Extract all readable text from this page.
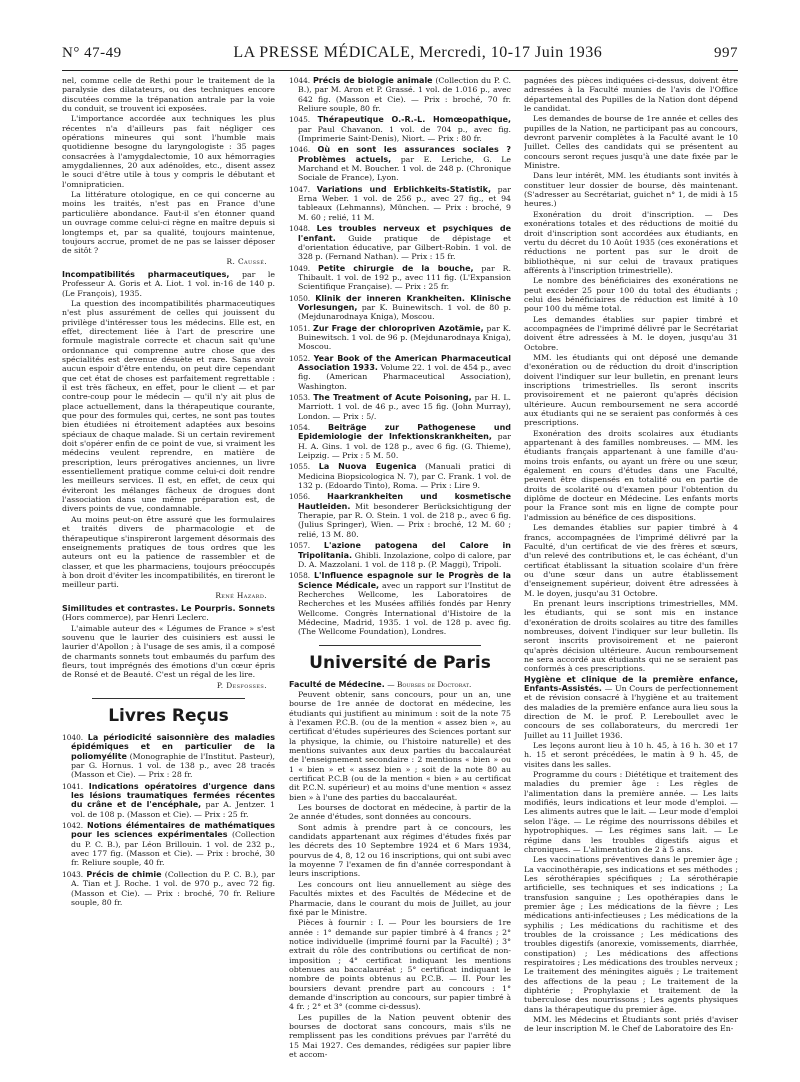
N° 47-49	LA PRESSE MÉDICALE, Mercredi, 10-17 Juin 1936	997

nel, comme celle de Rethi pour le traitement de la paralysie des dilatateurs, ou des techniques encore discutées comme la trépanation antrale par la voie du conduit, se trouvent ici exposées.

L'importance accordée aux techniques les plus récentes n'a d'ailleurs pas fait négliger ces opérations mineures qui sont l'humble mais quotidienne besogne du laryngologiste : 35 pages consacrées à l'amygdalectomie, 10 aux hémorragies amygdaliennes, 20 aux adénoïdes, etc., disent assez le souci d'être utile à tous y compris le débutant et l'omnipraticien.

La littérature otologique, en ce qui concerne au moins les traités, n'est pas en France d'une particulière abondance. Faut-il s'en étonner quand un ouvrage comme celui-ci règne en maître depuis si longtemps et, par sa qualité, toujours maintenue, toujours accrue, promet de ne pas se laisser déposer de sitôt ?

R. Caussé.

Incompatibilités pharmaceutiques, par le Professeur A. Goris et A. Liot. 1 vol. in-16 de 140 p. (Le François), 1935.

La question des incompatibilités pharmaceutiques n'est plus assurément de celles qui jouissent du privilège d'intéresser tous les médecins. Elle est, en effet, directement liée à l'art de prescrire une formule magistrale correcte et chacun sait qu'une ordonnance qui comprenne autre chose que des spécialités est devenue désuète et rare. Sans avoir aucun espoir d'être entendu, on peut dire cependant que cet état de choses est parfaitement regrettable : il est très fâcheux, en effet, pour le client — et par contre-coup pour le médecin — qu'il n'y ait plus de place actuellement, dans la thérapeutique courante, que pour des formules qui, certes, ne sont pas toutes bien étudiées ni étroitement adaptées aux besoins spéciaux de chaque malade. Si un certain revirement doit s'opérer enfin de ce point de vue, si vraiment les médecins veulent reprendre, en matière de prescription, leurs prérogatives anciennes, un livre essentiellement pratique comme celui-ci doit rendre les meilleurs services. Il est, en effet, de ceux qui éviteront les mélanges fâcheux de drogues dont l'association dans une même préparation est, de divers points de vue, condamnable.

Au moins peut-on être assuré que les formulaires et traités divers de pharmacologie et de thérapeutique s'inspireront largement désormais des enseignements pratiques de tous ordres que les auteurs ont eu la patience de rassembler et de classer, et que les pharmaciens, toujours préoccupés à bon droit d'éviter les incompatibilités, en tireront le meilleur parti.

René Hazard.

Similitudes et contrastes. Le Pourpris. Sonnets (Hors commerce), par Henri Leclerc.

L'aimable auteur des « Légumes de France » s'est souvenu que le laurier des cuisiniers est aussi le laurier d'Apollon ; à l'usage de ses amis, il a composé de charmants sonnets tout embaumés du parfum des fleurs, tout imprégnés des émotions d'un cœur épris de Ronsé et de Beauté. C'est un régal de les lire.

P. Desfosses.
Livres Reçus
1040. La périodicité saisonnière des maladies épidémiques et en particulier de la poliomyélite (Monographie de l'Institut. Pasteur), par G. Hornus. 1 vol. de 138 p., avec 28 tracés (Masson et Cie). — Prix : 28 fr.
1041. Indications opératoires d'urgence dans les lésions traumatiques fermées récentes du crâne et de l'encéphale, par A. Jentzer. 1 vol. de 108 p. (Masson et Cie). — Prix : 25 fr.
1042. Notions élémentaires de mathématiques pour les sciences expérimentales (Collection du P. C. B.), par Léon Brillouin. 1 vol. de 232 p., avec 177 fig. (Masson et Cie). — Prix : broché, 30 fr. Reliure souple, 40 fr.
1043. Précis de chimie (Collection du P. C. B.), par A. Tian et J. Roche. 1 vol. de 970 p., avec 72 fig. (Masson et Cie). — Prix : broché, 70 fr. Reliure souple, 80 fr.
1044. Précis de biologie animale (Collection du P. C. B.), par M. Aron et P. Grassé. 1 vol. de 1.016 p., avec 642 fig. (Masson et Cie). — Prix : broché, 70 fr. Reliure souple, 80 fr.
1045. Thérapeutique O.-R.-L. Homœopathique, par Paul Chavanon. 1 vol. de 704 p., avec fig. (Imprimerie Saint-Denis), Niort. — Prix : 80 fr.
1046. Où en sont les assurances sociales ? Problèmes actuels, par E. Leriche, G. Le Marchand et M. Boucher. 1 vol. de 248 p. (Chronique Sociale de France), Lyon.
1047. Variations und Erblichkeits-Statistik, par Erna Weber. 1 vol. de 256 p., avec 27 fig., et 94 tableaux (Lehmanns), München. — Prix : broché, 9 M. 60 ; relié, 11 M.
1048. Les troubles nerveux et psychiques de l'enfant. Guide pratique de dépistage et d'orientation éducative, par Gilbert-Robin. 1 vol. de 328 p. (Fernand Nathan). — Prix : 15 fr.
1049. Petite chirurgie de la bouche, par R. Thibault. 1 vol. de 192 p., avec 111 fig. (L'Expansion Scientifique Française). — Prix : 25 fr.
1050. Klinik der inneren Krankheiten. Klinische Vorlesungen, par K. Buinewitsch. 1 vol. de 80 p. (Mejdunarodnaya Kniga), Moscou.
1051. Zur Frage der chloropriven Azotämie, par K. Buinewitsch. 1 vol. de 96 p. (Mejdunarodnaya Kniga), Moscou.
1052. Year Book of the American Pharmaceutical Association 1933. Volume 22. 1 vol. de 454 p., avec fig. (American Pharmaceutical Association), Washington.
1053. The Treatment of Acute Poisoning, par H. L. Marriott. 1 vol. de 46 p., avec 15 fig. (John Murray), London. — Prix : 5/.
1054. Beiträge zur Pathogenese und Epidemiologie der Infektionskrankheiten, par H. A. Gins. 1 vol. de 128 p., avec 6 fig. (G. Thieme), Leipzig. — Prix : 5 M. 50.
1055. La Nuova Eugenica (Manuali pratici di Medicina Biopsicologica N. 7), par C. Frank. 1 vol. de 132 p. (Edoardo Tinto), Roma. — Prix : Lire 9.
1056. Haarkrankheiten und kosmetische Hautleiden. Mit besonderer Berücksichtigung der Therapie, par R. O. Stein. 1 vol. de 218 p., avec 6 fig. (Julius Springer), Wien. — Prix : broché, 12 M. 60 ; relié, 13 M. 80.
1057. L'azione patogena del Calore in Tripolitania. Ghibli. Inzolazione, colpo di calore, par D. A. Mazzolani. 1 vol. de 118 p. (P. Maggi), Tripoli.
1058. L'Influence espagnole sur le Progrès de la Science Médicale, avec un rapport sur l'Institut de Recherches Wellcome, les Laboratoires de Recherches et les Musées affiliés fondés par Henry Wellcome. Congrès International d'Histoire de la Médecine, Madrid, 1935. 1 vol. de 128 p. avec fig. (The Wellcome Foundation), Londres.
Université de Paris

Faculté de Médecine. — Bourses de Doctorat.

Peuvent obtenir, sans concours, pour un an, une bourse de 1re année de doctorat en médecine, les étudiants qui justifient au minimum : soit de la note 75 à l'examen P.C.B. (ou de la mention « assez bien », au certificat d'études supérieures des Sciences portant sur la physique, la chimie, ou l'histoire naturelle) et des mentions suivantes aux deux parties du baccalauréat de l'enseignement secondaire : 2 mentions « bien » ou 1 « bien » et « assez bien » ; soit de la note 80 au certificat P.C.B (ou de la mention « bien » au certificat dit P.C.N. supérieur) et au moins d'une mention « assez bien » à l'une des parties du baccalauréat.

Les bourses de doctorat en médecine, à partir de la 2e année d'études, sont données au concours.

Sont admis à prendre part à ce concours, les candidats appartenant aux régimes d'études fixés par les décrets des 10 Septembre 1924 et 6 Mars 1934, pourvus de 4, 8, 12 ou 16 inscriptions, qui ont subi avec la moyenne 7 l'examen de fin d'année correspondant à leurs inscriptions.

Les concours ont lieu annuellement au siège des Facultés mixtes et des Facultés de Médecine et de Pharmacie, dans le courant du mois de Juillet, au jour fixé par le Ministre.

Pièces à fournir : I. — Pour les boursiers de 1re année : 1° demande sur papier timbré à 4 francs ; 2° notice individuelle (imprimé fourni par la Faculté) ; 3° extrait du rôle des contributions ou certificat de non-imposition ; 4° certificat indiquant les mentions obtenues au baccalauréat ; 5° certificat indiquant le nombre de points obtenus au P.C.B. — II. Pour les boursiers devant prendre part au concours : 1° demande d'inscription au concours, sur papier timbré à 4 fr. ; 2° et 3° (comme ci-dessus).

Les pupilles de la Nation peuvent obtenir des bourses de doctorat sans concours, mais s'ils ne remplissent pas les conditions prévues par l'arrêté du 15 Mai 1927. Ces demandes, rédigées sur papier libre et accom-

pagnées des pièces indiquées ci-dessus, doivent être adressées à la Faculté munies de l'avis de l'Office départemental des Pupilles de la Nation dont dépend le candidat.

Les demandes de bourse de 1re année et celles des pupilles de la Nation, ne participant pas au concours, devront parvenir complètes à la Faculté avant le 10 Juillet. Celles des candidats qui se présentent au concours seront reçues jusqu'à une date fixée par le Ministre.

Dans leur intérêt, MM. les étudiants sont invités à constituer leur dossier de bourse, dès maintenant. (S'adresser au Secrétariat, guichet n° 1, de midi à 15 heures.)

Exonération du droit d'inscription. — Des exonérations totales et des réductions de moitié du droit d'inscription sont accordées aux étudiants, en vertu du décret du 10 Août 1935 (ces exonérations et réductions ne portent pas sur le droit de bibliothèque, ni sur celui de travaux pratiques afférents à l'inscription trimestrielle).

Le nombre des bénéficiaires des exonérations ne peut excéder 25 pour 100 du total des étudiants ; celui des bénéficiaires de réduction est limité à 10 pour 100 du même total.

Les demandes établies sur papier timbré et accompagnées de l'imprimé délivré par le Secrétariat doivent être adressées à M. le doyen, jusqu'au 31 Octobre.

MM. les étudiants qui ont déposé une demande d'exonération ou de réduction du droit d'inscription doivent l'indiquer sur leur bulletin, en prenant leurs inscriptions trimestrielles. Ils seront inscrits provisoirement et ne paieront qu'après décision ultérieure. Aucun remboursement ne sera accordé aux étudiants qui ne se seraient pas conformés à ces prescriptions.

Exonération des droits scolaires aux étudiants appartenant à des familles nombreuses. — MM. les étudiants français appartenant à une famille d'au-moins trois enfants, ou ayant un frère ou une sœur, également en cours d'études dans une Faculté, peuvent être dispensés en totalité ou en partie de droits de scolarité ou d'examen pour l'obtention du diplôme de docteur en Médecine. Les enfants morts pour la France sont mis en ligne de compte pour l'admission au bénéfice de ces dispositions.

Les demandes établies sur papier timbré à 4 francs, accompagnées de l'imprimé délivré par la Faculté, d'un certificat de vie des frères et sœurs, d'un relevé des contributions et, le cas échéant, d'un certificat établissant la situation scolaire d'un frère ou d'une sœur dans un autre établissement d'enseignement supérieur, doivent être adressées à M. le doyen, jusqu'au 31 Octobre.

En prenant leurs inscriptions trimestrielles, MM. les étudiants, qui se sont mis en instance d'exonération de droits scolaires au titre des familles nombreuses, doivent l'indiquer sur leur bulletin. Ils seront inscrits provisoirement et ne paieront qu'après décision ultérieure. Aucun remboursement ne sera accordé aux étudiants qui ne se seraient pas conformés à ces prescriptions.

Hygiène et clinique de la première enfance, Enfants-Assistés. — Un Cours de perfectionnement et de révision consacré à l'hygiène et au traitement des maladies de la première enfance aura lieu sous la direction de M. le prof. P. Lereboullet avec le concours de ses collaborateurs, du mercredi 1er Juillet au 11 Juillet 1936.

Les leçons auront lieu à 10 h. 45, à 16 h. 30 et 17 h. 15 et seront précédées, le matin à 9 h. 45, de visites dans les salles.

Programme du cours : Diététique et traitement des maladies du premier âge : Les règles de l'alimentation dans la première année. — Les laits modifiés, leurs indications et leur mode d'emploi. — Les aliments autres que le lait. — Leur mode d'emploi selon l'âge. — Le régime des nourrissons débiles et hypotrophiques. — Les régimes sans lait. — Le régime dans les troubles digestifs aigus et chroniques. — L'alimentation de 2 à 5 ans.

Les vaccinations préventives dans le premier âge ; La vaccinothérapie, ses indications et ses méthodes ; Les sérothérapies spécifiques ; La sérothérapie artificielle, ses techniques et ses indications ; La transfusion sanguine ; Les opothérapies dans le premier âge ; Les médications de la fièvre ; Les médications anti-infectieuses ; Les médications de la syphilis ; Les médications du rachitisme et des troubles de la croissance ; Les médications des troubles digestifs (anorexie, vomissements, diarrhée, constipation) ; Les médications des affections respiratoires ; Les médications des troubles nerveux ; Le traitement des méningites aiguës ; Le traitement des affections de la peau ; Le traitement de la diphtérie ; Prophylaxie et traitement de la tuberculose des nourrissons ; Les agents physiques dans la thérapeutique du premier âge.

MM. les Médecins et Étudiants sont priés d'aviser de leur inscription M. le Chef de Laboratoire des En-
